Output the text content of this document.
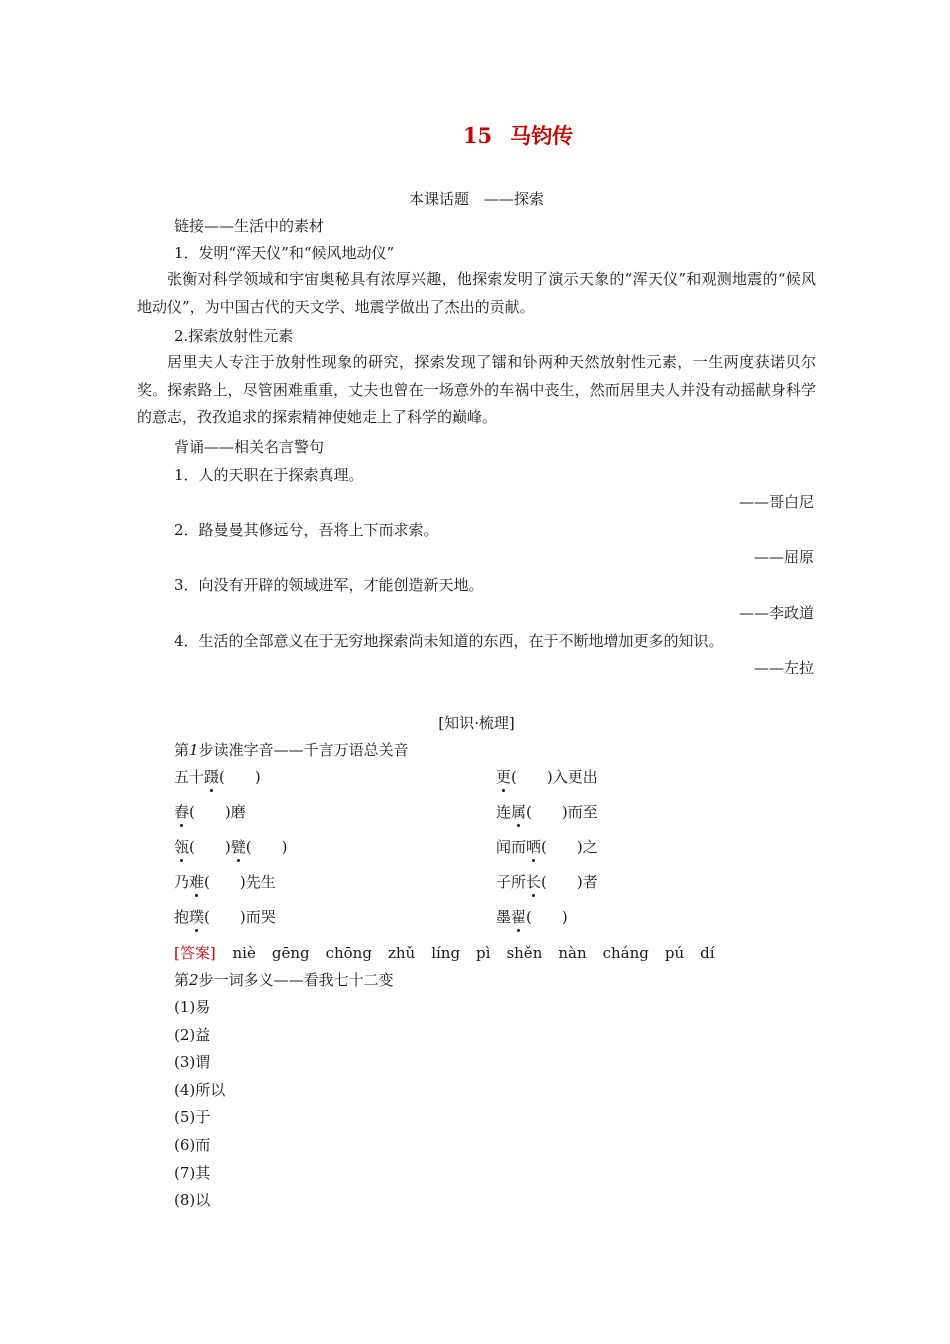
15 马钧传
本课话题　——探索
链接——生活中的素材
1．发明“浑天仪”和“候风地动仪”
张衡对科学领域和宇宙奥秘具有浓厚兴趣，他探索发明了演示天象的“浑天仪”和观测地震的“候风地动仪”，为中国古代的天文学、地震学做出了杰出的贡献。
2.探索放射性元素
居里夫人专注于放射性现象的研究，探索发现了镭和钋两种天然放射性元素，一生两度获诺贝尔奖。探索路上，尽管困难重重，丈夫也曾在一场意外的车祸中丧生，然而居里夫人并没有动摇献身科学的意志，孜孜追求的探索精神使她走上了科学的巅峰。
背诵——相关名言警句
1．人的天职在于探索真理。
——哥白尼
2．路曼曼其修远兮，吾将上下而求索。
——屈原
3．向没有开辟的领域进军，才能创造新天地。
——李政道
4．生活的全部意义在于无穷地探索尚未知道的东西，在于不断地增加更多的知识。
——左拉
[知识·梳理]
第1步读准字音——千言万语总关音
五十蹑(　　)	更(　　)入更出
舂(　　)磨	连属(　　)而至
瓴(　　)甓(　　)	闻而哂(　　)之
乃难(　　)先生	子所长(　　)者
抱璞(　　)而哭	墨翟(　　)
[答案] niè gēng chōng zhǔ líng pì shěn nàn cháng pú dí
第2步一词多义——看我七十二变
(1)易
(2)益
(3)谓
(4)所以
(5)于
(6)而
(7)其
(8)以
